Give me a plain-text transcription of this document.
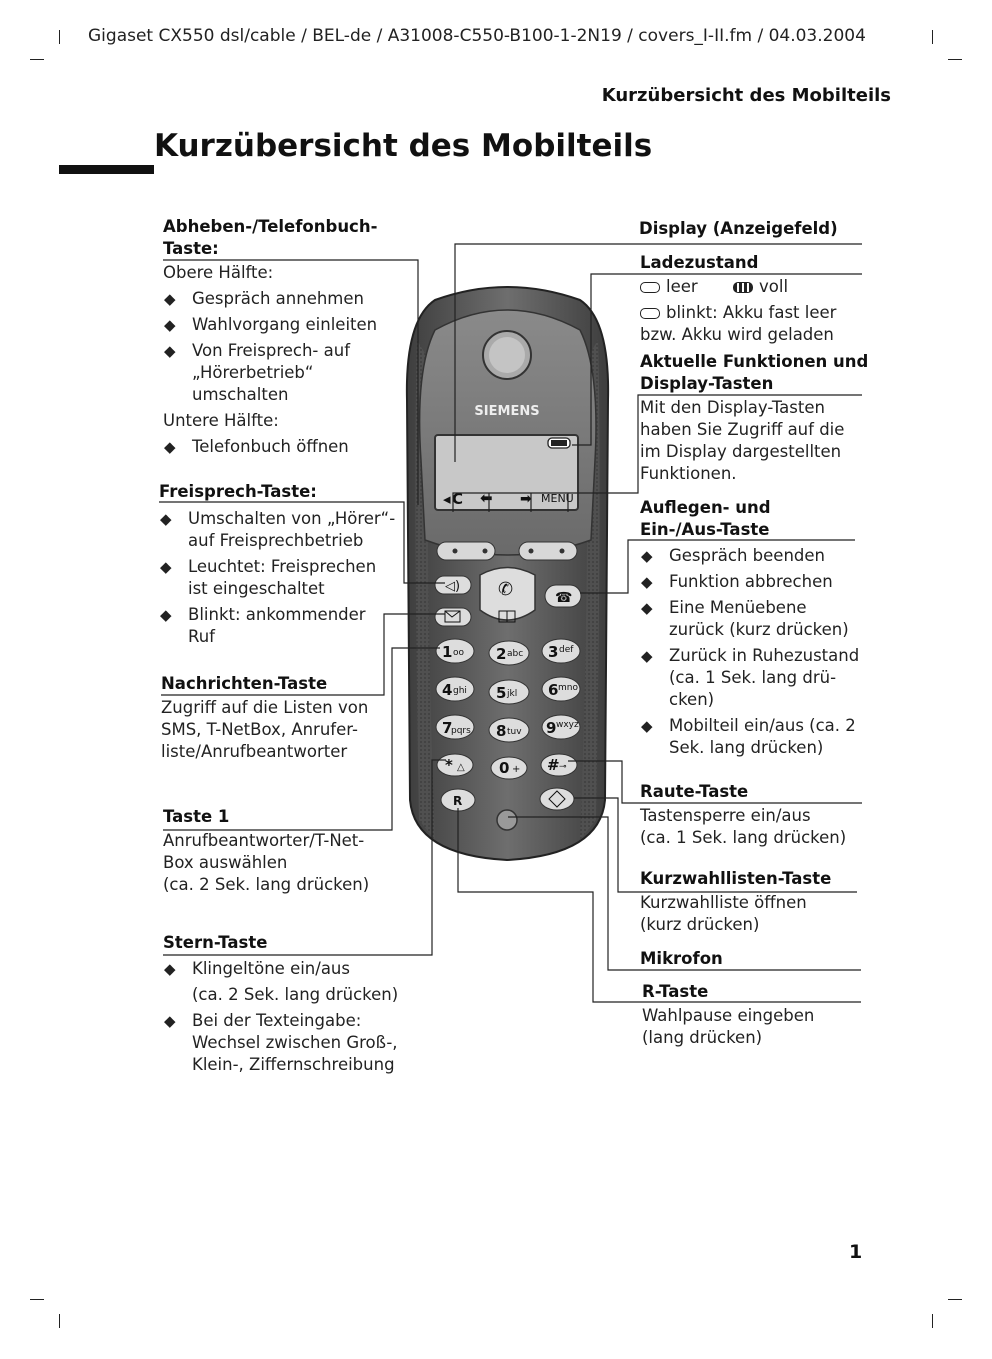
Gigaset CX550 dsl/cable / BEL-de / A31008-C550-B100-1-2N19 / covers_I-II.fm / 04.03.2004
Kurzübersicht des Mobilteils
Kurzübersicht des Mobilteils
SIEMENS
◂ C ⬅ ➡ MENU
◁) ✆	☎
1 ᴏᴏ 2 abc 3 def
4 ghi 5 jkl 6 mno
7
pqrs 8 tuv 9 wxyz
* △ 0 + # ⊸
R
Abheben-/Telefonbuch-
Taste:
Obere Hälfte:
◆ Gespräch annehmen
◆ Wahlvorgang einleiten
◆ Von Freisprech- auf
„Hörerbetrieb“
umschalten
Untere Hälfte:
◆ Telefonbuch öffnen
Freisprech-Taste:
◆ Umschalten von „Hörer“-
auf Freisprechbetrieb
◆ Leuchtet: Freisprechen
ist eingeschaltet
◆ Blinkt: ankommender
Ruf
Nachrichten-Taste
Zugriff auf die Listen von
SMS, T-NetBox, Anrufer-
liste/Anrufbeantworter
Taste 1
Anrufbeantworter/T-Net-
Box auswählen
(ca. 2 Sek. lang drücken)
Stern-Taste
◆ Klingeltöne ein/aus
(ca. 2 Sek. lang drücken)
◆ Bei der Texteingabe:
Wechsel zwischen Groß-,
Klein-, Ziffernschreibung
Display (Anzeigefeld)
Ladezustand
leer	voll
blinkt: Akku fast leer
bzw. Akku wird geladen
Aktuelle Funktionen und
Display-Tasten
Mit den Display-Tasten
haben Sie Zugriff auf die
im Display dargestellten
Funktionen.
Auflegen- und
Ein-/Aus-Taste
◆ Gespräch beenden
◆ Funktion abbrechen
◆ Eine Menüebene
zurück (kurz drücken)
◆ Zurück in Ruhezustand
(ca. 1 Sek. lang drü-
cken)
◆ Mobilteil ein/aus (ca. 2
Sek. lang drücken)
Raute-Taste
Tastensperre ein/aus
(ca. 1 Sek. lang drücken)
Kurzwahllisten-Taste
Kurzwahlliste öffnen
(kurz drücken)
Mikrofon
R-Taste
Wahlpause eingeben
(lang drücken)
1
